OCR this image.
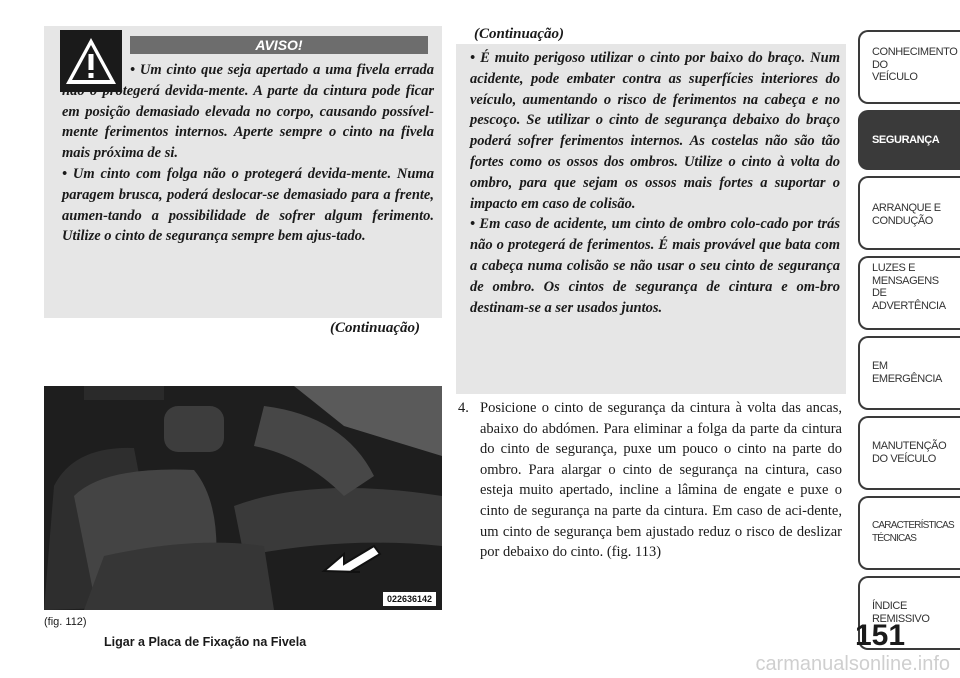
AVISO!

• Um cinto que seja apertado a uma fivela errada não o protegerá devida-mente. A parte da cintura pode ficar em posição demasiado elevada no corpo, causando possível-mente ferimentos internos. Aperte sempre o cinto na fivela mais próxima de si.

• Um cinto com folga não o protegerá devida-mente. Numa paragem brusca, poderá deslocar-se demasiado para a frente, aumen-tando a possibilidade de sofrer algum ferimento. Utilize o cinto de segurança sempre bem ajus-tado.

(Continuação)
022636142
(fig. 112)
Ligar a Placa de Fixação na Fivela
(Continuação)

• É muito perigoso utilizar o cinto por baixo do braço. Num acidente, pode embater contra as superfícies interiores do veículo, aumentando o risco de ferimentos na cabeça e no pescoço. Se utilizar o cinto de segurança debaixo do braço poderá sofrer ferimentos internos. As costelas não são tão fortes como os ossos dos ombros. Utilize o cinto à volta do ombro, para que sejam os ossos mais fortes a suportar o impacto em caso de colisão.

• Em caso de acidente, um cinto de ombro colo-cado por trás não o protegerá de ferimentos. É mais provável que bata com a cabeça numa colisão se não usar o seu cinto de segurança de ombro. Os cintos de segurança de cintura e om-bro destinam-se a ser usados juntos.

4. Posicione o cinto de segurança da cintura à volta das ancas, abaixo do abdómen. Para eliminar a folga da parte da cintura do cinto de segurança, puxe um pouco o cinto na parte do ombro. Para alargar o cinto de segurança na cintura, caso esteja muito apertado, incline a lâmina de engate e puxe o cinto de segurança na parte da cintura. Em caso de aci-dente, um cinto de segurança bem ajustado reduz o risco de deslizar por debaixo do cinto. (fig. 113)

CONHECIMENTO
DO
VEÍCULO
SEGURANÇA
ARRANQUE E
CONDUÇÃO
LUZES E
MENSAGENS
DE
ADVERTÊNCIA
EM
EMERGÊNCIA
MANUTENÇÃO
DO VEÍCULO
CARACTERÍSTICAS
TÉCNICAS
ÍNDICE
REMISSIVO
151
carmanualsonline.info
